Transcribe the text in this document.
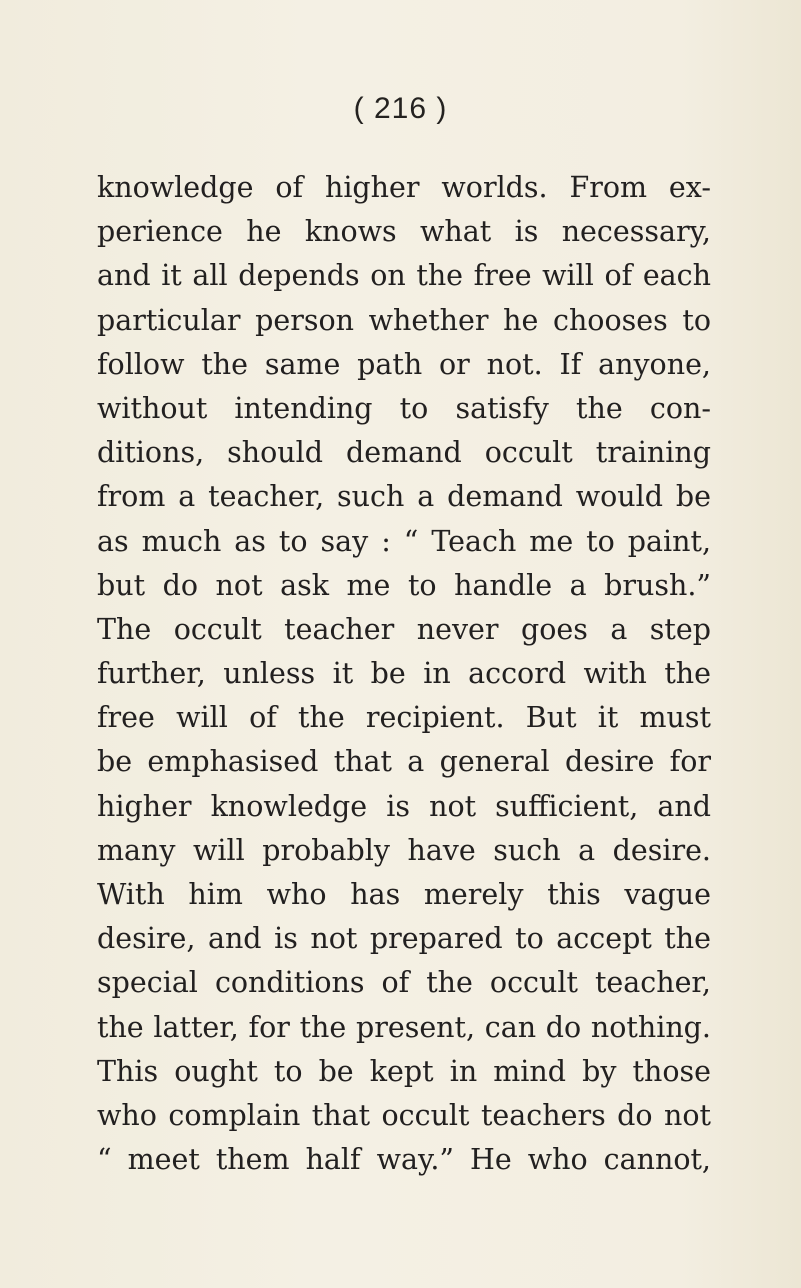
( 216 )
knowledge of higher worlds. From ex-
perience he knows what is necessary,
and it all depends on the free will of each
particular person whether he chooses to
follow the same path or not. If anyone,
without intending to satisfy the con-
ditions, should demand occult training
from a teacher, such a demand would be
as much as to say : “ Teach me to paint,
but do not ask me to handle a brush.”
The occult teacher never goes a step
further, unless it be in accord with the
free will of the recipient. But it must
be emphasised that a general desire for
higher knowledge is not sufficient, and
many will probably have such a desire.
With him who has merely this vague
desire, and is not prepared to accept the
special conditions of the occult teacher,
the latter, for the present, can do nothing.
This ought to be kept in mind by those
who complain that occult teachers do not
“ meet them half way.” He who cannot,
